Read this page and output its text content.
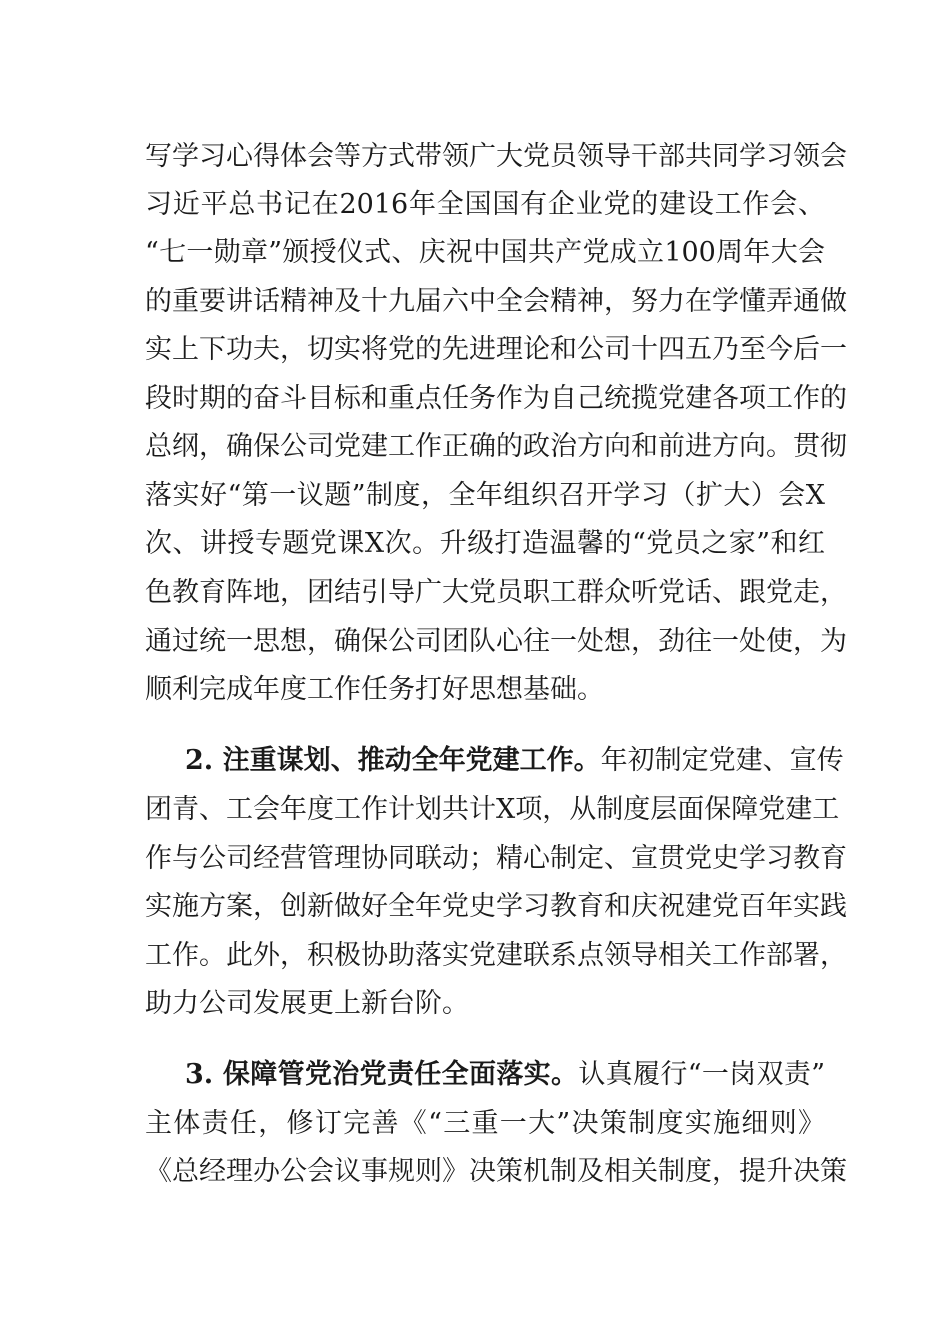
写学习心得体会等方式带领广大党员领导干部共同学习领会
习近平总书记在2016年全国国有企业党的建设工作会、
“七一勋章”颁授仪式、庆祝中国共产党成立100周年大会
的重要讲话精神及十九届六中全会精神，努力在学懂弄通做
实上下功夫，切实将党的先进理论和公司十四五乃至今后一
段时期的奋斗目标和重点任务作为自己统揽党建各项工作的
总纲，确保公司党建工作正确的政治方向和前进方向。贯彻
落实好“第一议题”制度，全年组织召开学习（扩大）会X
次、讲授专题党课X次。升级打造温馨的“党员之家”和红
色教育阵地，团结引导广大党员职工群众听党话、跟党走，
通过统一思想，确保公司团队心往一处想，劲往一处使，为
顺利完成年度工作任务打好思想基础。
2. 注重谋划、推动全年党建工作。年初制定党建、宣传
团青、工会年度工作计划共计X项，从制度层面保障党建工
作与公司经营管理协同联动；精心制定、宣贯党史学习教育
实施方案，创新做好全年党史学习教育和庆祝建党百年实践
工作。此外，积极协助落实党建联系点领导相关工作部署，
助力公司发展更上新台阶。
3. 保障管党治党责任全面落实。认真履行“一岗双责”
主体责任，修订完善《“三重一大”决策制度实施细则》
《总经理办公会议事规则》决策机制及相关制度，提升决策
